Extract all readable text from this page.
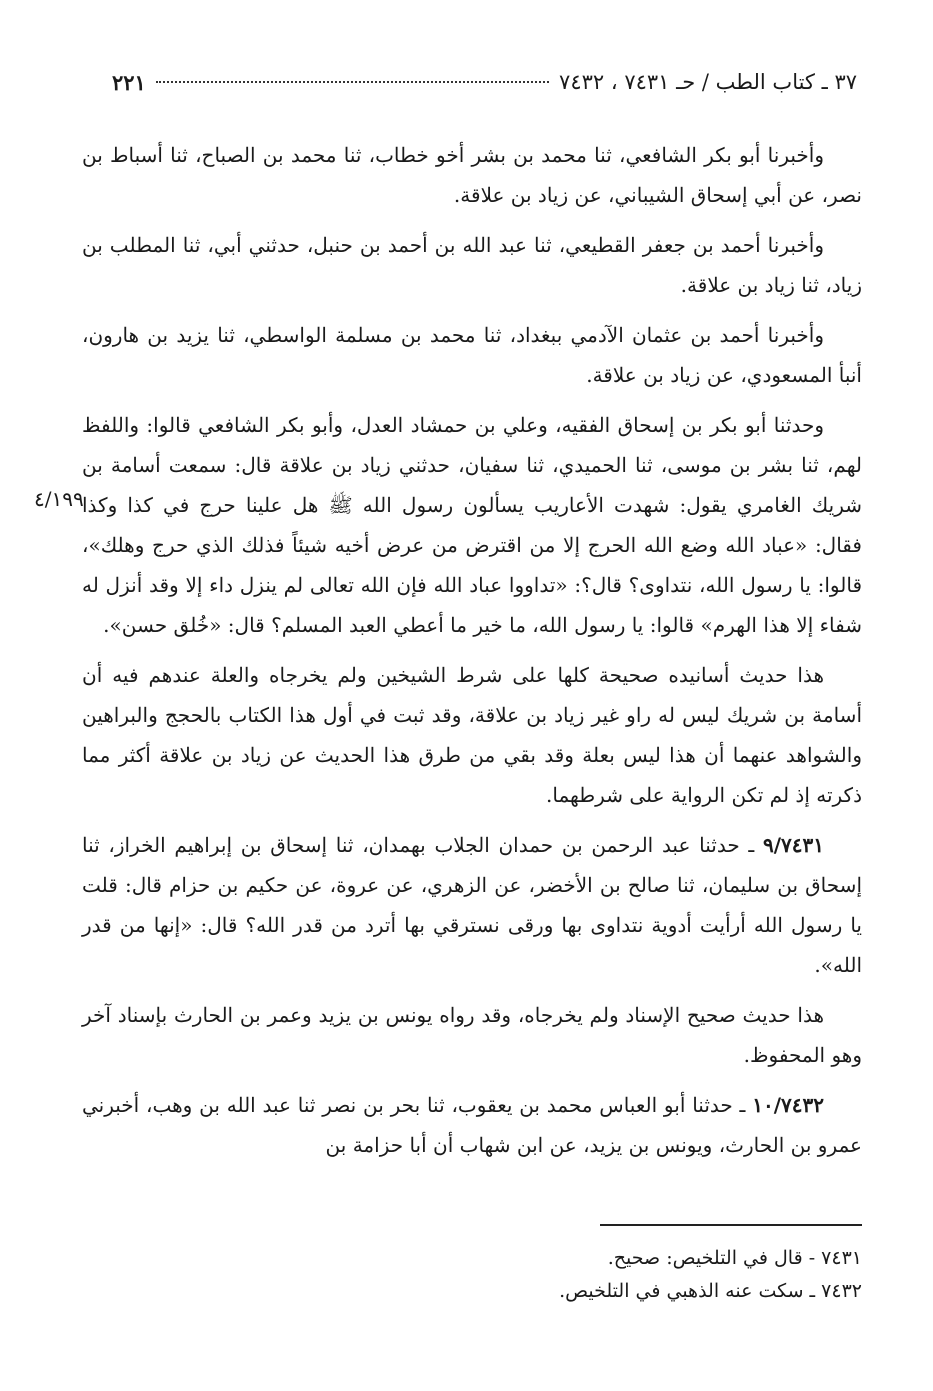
٣٧ ـ كتاب الطب / حـ ٧٤٣١ ، ٧٤٣٢
٢٢١
٤/١٩٩

وأخبرنا أبو بكر الشافعي، ثنا محمد بن بشر أخو خطاب، ثنا محمد بن الصباح، ثنا أسباط بن نصر، عن أبي إسحاق الشيباني، عن زياد بن علاقة.

وأخبرنا أحمد بن جعفر القطيعي، ثنا عبد الله بن أحمد بن حنبل، حدثني أبي، ثنا المطلب بن زياد، ثنا زياد بن علاقة.

وأخبرنا أحمد بن عثمان الآدمي ببغداد، ثنا محمد بن مسلمة الواسطي، ثنا يزيد بن هارون، أنبأ المسعودي، عن زياد بن علاقة.

وحدثنا أبو بكر بن إسحاق الفقيه، وعلي بن حمشاد العدل، وأبو بكر الشافعي قالوا: واللفظ لهم، ثنا بشر بن موسى، ثنا الحميدي، ثنا سفيان، حدثني زياد بن علاقة قال: سمعت أسامة بن شريك الغامري يقول: شهدت الأعاريب يسألون رسول الله ﷺ هل علينا حرج في كذا وكذا فقال: «عباد الله وضع الله الحرج إلا من اقترض من عرض أخيه شيئاً فذلك الذي حرج وهلك»، قالوا: يا رسول الله، نتداوى؟ قال؟: «تداووا عباد الله فإن الله تعالى لم ينزل داء إلا وقد أنزل له شفاء إلا هذا الهرم» قالوا: يا رسول الله، ما خير ما أعطي العبد المسلم؟ قال: «خُلق حسن».

هذا حديث أسانيده صحيحة كلها على شرط الشيخين ولم يخرجاه والعلة عندهم فيه أن أسامة بن شريك ليس له راو غير زياد بن علاقة، وقد ثبت في أول هذا الكتاب بالحجج والبراهين والشواهد عنهما أن هذا ليس بعلة وقد بقي من طرق هذا الحديث عن زياد بن علاقة أكثر مما ذكرته إذ لم تكن الرواية على شرطهما.

٩/٧٤٣١ ـ حدثنا عبد الرحمن بن حمدان الجلاب بهمدان، ثنا إسحاق بن إبراهيم الخراز، ثنا إسحاق بن سليمان، ثنا صالح بن الأخضر، عن الزهري، عن عروة، عن حكيم بن حزام قال: قلت يا رسول الله أرأيت أدوية نتداوى بها ورقى نسترقي بها أترد من قدر الله؟ قال: «إنها من قدر الله».

هذا حديث صحيح الإسناد ولم يخرجاه، وقد رواه يونس بن يزيد وعمر بن الحارث بإسناد آخر وهو المحفوظ.

١٠/٧٤٣٢ ـ حدثنا أبو العباس محمد بن يعقوب، ثنا بحر بن نصر ثنا عبد الله بن وهب، أخبرني عمرو بن الحارث، ويونس بن يزيد، عن ابن شهاب أن أبا حزامة بن

٧٤٣١ - قال في التلخيص: صحيح.
٧٤٣٢ ـ سكت عنه الذهبي في التلخيص.
